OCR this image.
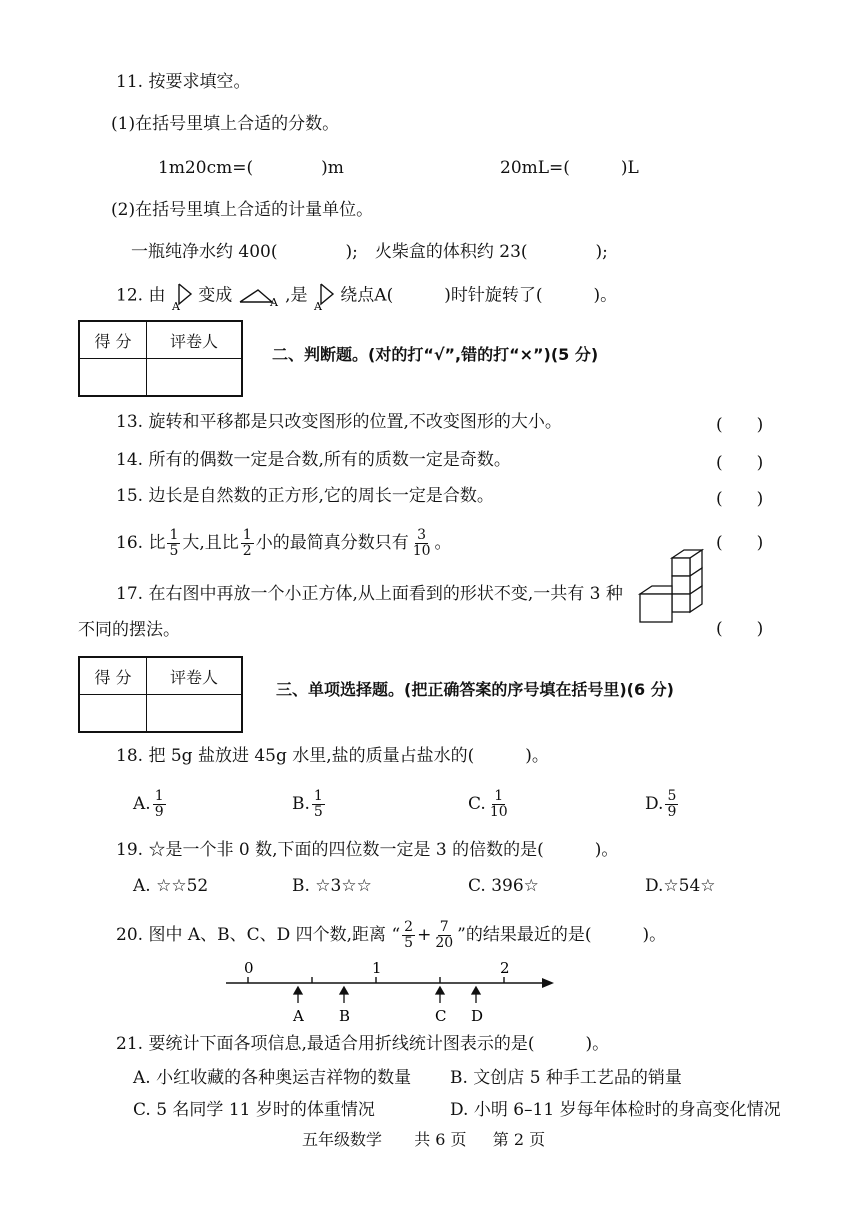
11. 按要求填空。
(1)在括号里填上合适的分数。
1m20cm=(　　　　)m	20mL=(　　　)L
(2)在括号里填上合适的计量单位。
一瓶纯净水约 400(　　　　);　火柴盒的体积约 23(　　　　);
12. 由
A
变成	A ,是
A
绕点A(　　　)时针旋转了(　　　)。
得 分	评卷人

二、判断题。(对的打“√”,错的打“×”)(5 分)
13. 旋转和平移都是只改变图形的位置,不改变图形的大小。	(　　)
14. 所有的偶数一定是合数,所有的质数一定是奇数。	(　　)
15. 边长是自然数的正方形,它的周长一定是合数。	(　　)
16. 比 $\frac{1}{5}$ 大,且比 $\frac{1}{2}$ 小的最简真分数只有 $\frac{3}{10}$ 。	(　　)
17. 在右图中再放一个小正方体,从上面看到的形状不变,一共有 3 种
不同的摆法。	(　　)
得 分	评卷人

三、单项选择题。(把正确答案的序号填在括号里)(6 分)
18. 把 5g 盐放进 45g 水里,盐的质量占盐水的(　　　)。
A. $\frac{1}{9}$	B. $\frac{1}{5}$	C. $\frac{1}{10}$	D. $\frac{5}{9}$
19. ☆是一个非 0 数,下面的四位数一定是 3 的倍数的是(　　　)。
A. ☆☆52	B. ☆3☆☆	C. 396☆	D.☆54☆
20. 图中 A、B、C、D 四个数,距离 “ $\frac{2}{5} + \frac{7}{20}$ ”的结果最近的是(　　　)。
0	1	2
A B	C D
21. 要统计下面各项信息,最适合用折线统计图表示的是(　　　)。
A. 小红收藏的各种奥运吉祥物的数量 B. 文创店 5 种手工艺品的销量
C. 5 名同学 11 岁时的体重情况	D. 小明 6–11 岁每年体检时的身高变化情况
五年级数学 共 6 页 第 2 页
